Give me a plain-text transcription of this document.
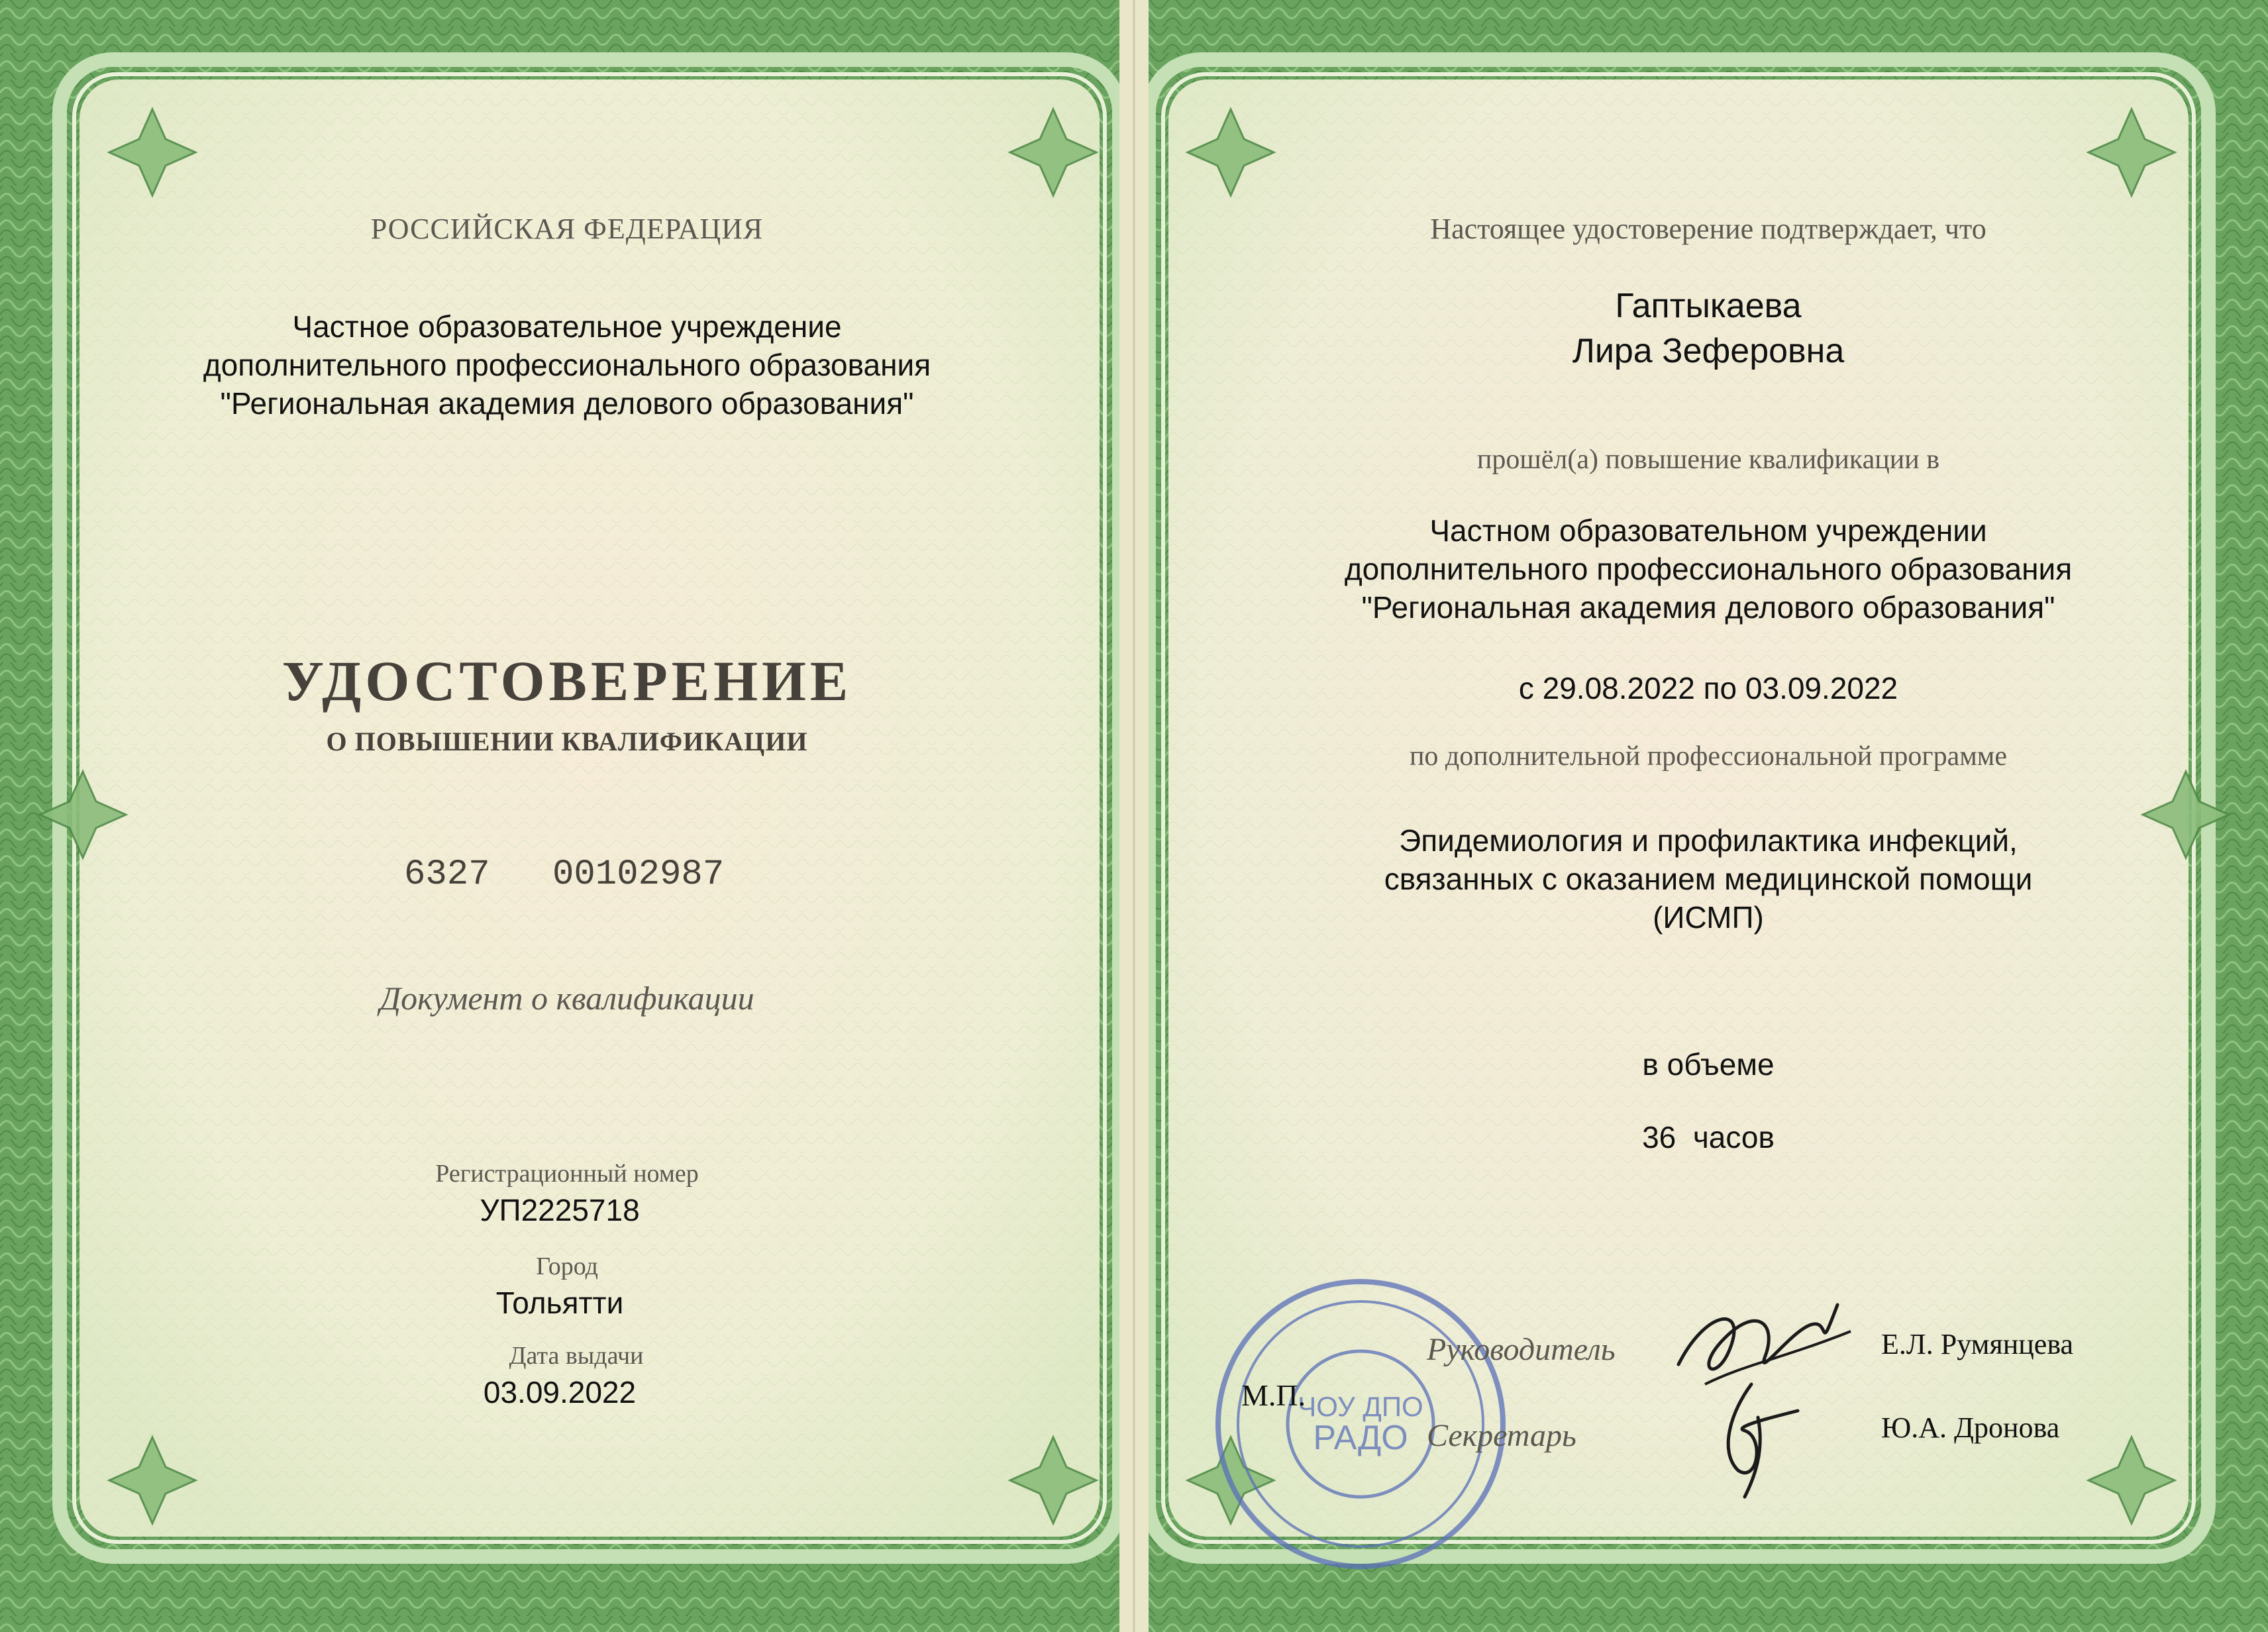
РОССИЙСКАЯ ФЕДЕРАЦИЯ
Частное образовательное учреждение
дополнительного профессионального образования
"Региональная академия делового образования"
УДОСТОВЕРЕНИЕ
О ПОВЫШЕНИИ КВАЛИФИКАЦИИ
6327	00102987
Документ о квалификации
Регистрационный номер
УП2225718
Город
Тольятти
Дата выдачи
03.09.2022
Настоящее удостоверение подтверждает, что
Гаптыкаева
Лира Зеферовна
прошёл(а) повышение квалификации в
Частном образовательном учреждении
дополнительного профессионального образования
"Региональная академия делового образования"
с 29.08.2022 по 03.09.2022
по дополнительной профессиональной программе
Эпидемиология и профилактика инфекций,
связанных с оказанием медицинской помощи
(ИСМП)
в объеме
36  часов
ЧОУ ДПО
РАДО
М.П.
Руководитель	Е.Л. Румянцева
Секретарь	Ю.А. Дронова
